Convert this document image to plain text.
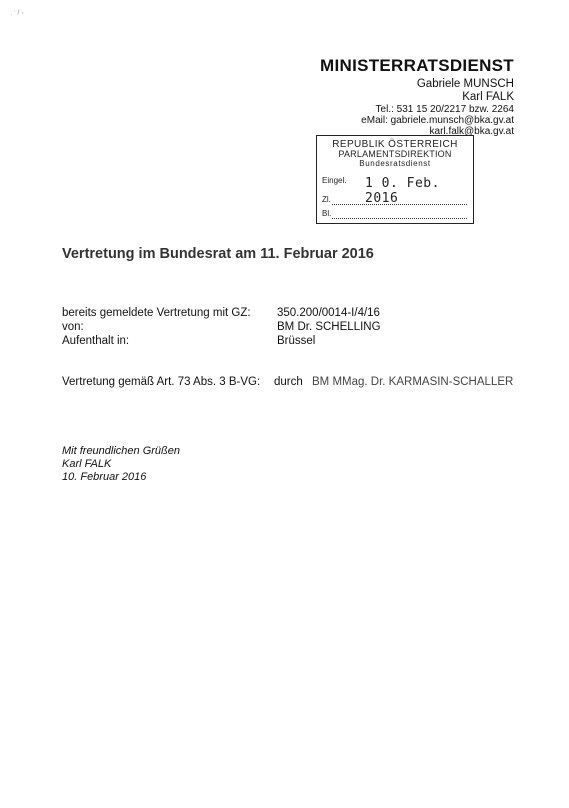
· ˙ ⁄ ,
MINISTERRATSDIENST
Gabriele MUNSCH
Karl FALK
Tel.: 531 15 20/2217 bzw. 2264
eMail: gabriele.munsch@bka.gv.at
karl.falk@bka.gv.at
REPUBLIK ÖSTERREICH
PARLAMENTSDIREKTION
Bundesratsdienst
Eingel. 1 0. Feb. 2016
Zl.
Bl.
Vertretung im Bundesrat am 11. Februar 2016
bereits gemeldete Vertretung mit GZ: 350.200/0014-I/4/16
von:	BM Dr. SCHELLING
Aufenthalt in:	Brüssel
Vertretung gemäß Art. 73 Abs. 3 B-VG: durch BM MMag. Dr. KARMASIN-SCHALLER
Mit freundlichen Grüßen
Karl FALK
10. Februar 2016
